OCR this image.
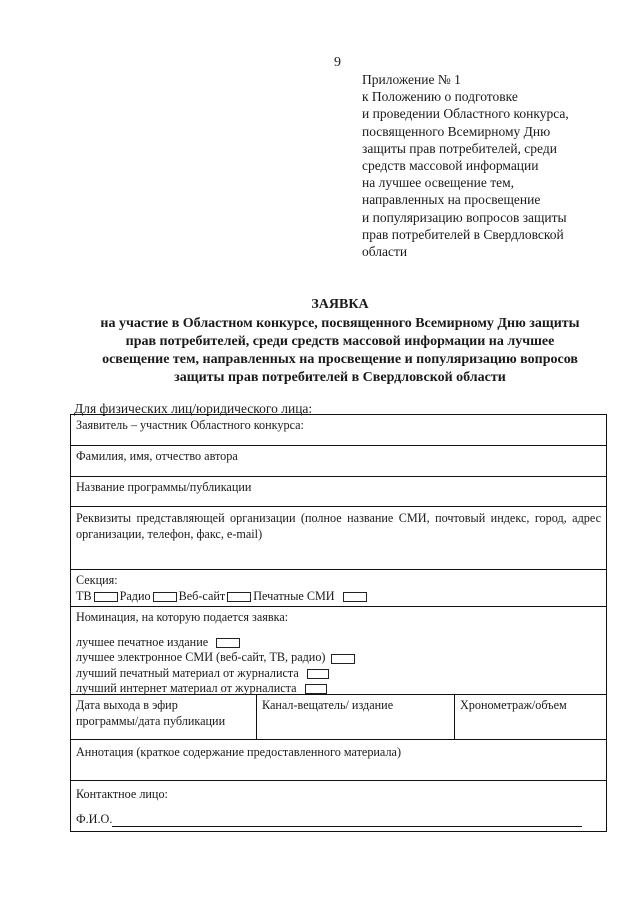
9
Приложение № 1
к Положению о подготовке
и проведении Областного конкурса,
посвященного Всемирному Дню
защиты прав потребителей, среди
средств массовой информации
на лучшее освещение тем,
направленных на просвещение
и популяризацию вопросов защиты
прав потребителей в Свердловской
области
ЗАЯВКА
на участие в Областном конкурсе, посвященного Всемирному Дню защиты
прав потребителей, среди средств массовой информации на лучшее
освещение тем, направленных на просвещение и популяризацию вопросов
защиты прав потребителей в Свердловской области
Для физических лиц/юридического лица:
Заявитель – участник Областного конкурса:
Фамилия, имя, отчество автора
Название программы/публикации
Реквизиты представляющей организации (полное название СМИ, почтовый индекс, город, адрес организации, телефон, факс, e-mail)
Секция:
ТВ Радио Веб-сайт Печатные СМИ
Номинация, на которую подается заявка:
лучшее печатное издание
лучшее электронное СМИ (веб-сайт, ТВ, радио)
лучший печатный материал от журналиста
лучший интернет материал от журналиста
Дата выхода в эфир
программы/дата публикации
Канал-вещатель/ издание	Хронометраж/объем
Аннотация (краткое содержание предоставленного материала)
Контактное лицо:
Ф.И.О.
